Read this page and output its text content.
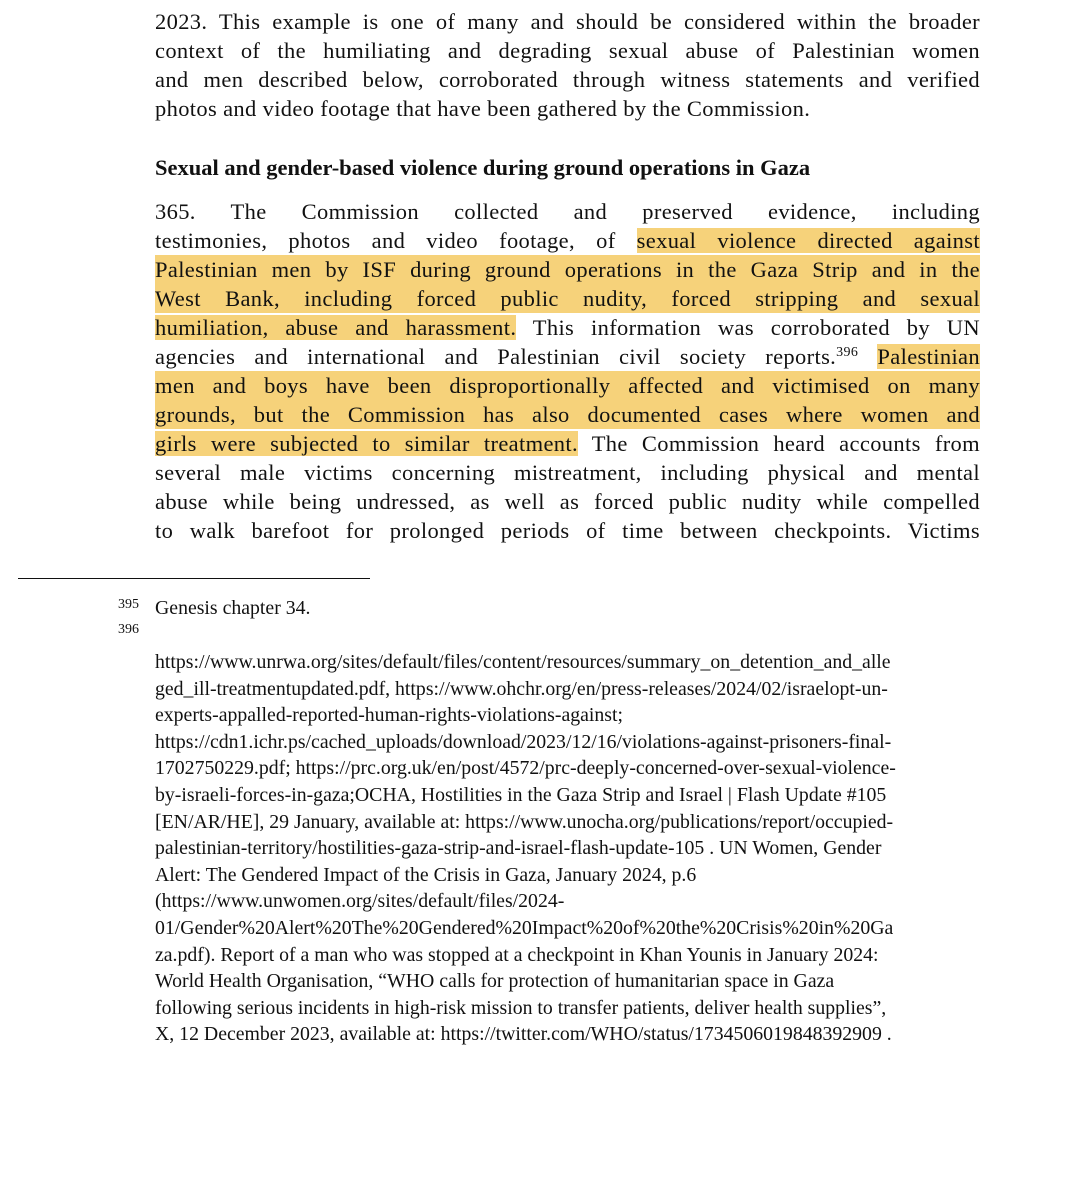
2023. This example is one of many and should be considered within the broader
context of the humiliating and degrading sexual abuse of Palestinian women
and men described below, corroborated through witness statements and verified
photos and video footage that have been gathered by the Commission.
Sexual and gender-based violence during ground operations in Gaza
365.   The   Commission   collected   and   preserved   evidence,   including
testimonies, photos and video footage, of sexual violence directed against
Palestinian men by ISF during ground operations in the Gaza Strip and in the
West Bank, including forced public nudity, forced stripping and sexual
humiliation, abuse and harassment. This information was corroborated by UN
agencies and international and Palestinian civil society reports.$^{396}$ Palestinian
men and boys have been disproportionally affected and victimised on many
grounds, but the Commission has also documented cases where women and
girls were subjected to similar treatment. The Commission heard accounts from
several male victims concerning mistreatment, including physical and mental
abuse while being undressed, as well as forced public nudity while compelled
to walk barefoot for prolonged periods of time between checkpoints. Victims
395 Genesis chapter 34.
396
https://www.unrwa.org/sites/default/files/content/resources/summary_on_detention_and_alle
ged_ill-treatmentupdated.pdf, https://www.ohchr.org/en/press-releases/2024/02/israelopt-un-
experts-appalled-reported-human-rights-violations-against;
https://cdn1.ichr.ps/cached_uploads/download/2023/12/16/violations-against-prisoners-final-
1702750229.pdf; https://prc.org.uk/en/post/4572/prc-deeply-concerned-over-sexual-violence-
by-israeli-forces-in-gaza;OCHA, Hostilities in the Gaza Strip and Israel | Flash Update #105
[EN/AR/HE], 29 January, available at: https://www.unocha.org/publications/report/occupied-
palestinian-territory/hostilities-gaza-strip-and-israel-flash-update-105 . UN Women, Gender
Alert: The Gendered Impact of the Crisis in Gaza, January 2024, p.6
(https://www.unwomen.org/sites/default/files/2024-
01/Gender%20Alert%20The%20Gendered%20Impact%20of%20the%20Crisis%20in%20Ga
za.pdf). Report of a man who was stopped at a checkpoint in Khan Younis in January 2024:
World Health Organisation, “WHO calls for protection of humanitarian space in Gaza
following serious incidents in high-risk mission to transfer patients, deliver health supplies”,
X, 12 December 2023, available at: https://twitter.com/WHO/status/1734506019848392909 .
